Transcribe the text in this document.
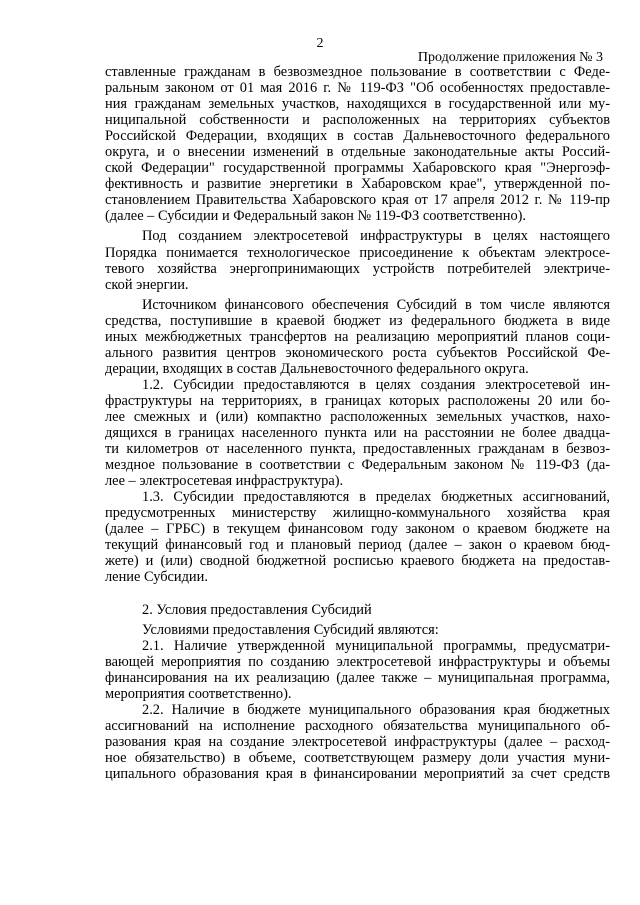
2
Продолжение приложения № 3
ставленные гражданам в безвозмездное пользование в соответствии с Феде-
ральным законом от 01 мая 2016 г. № 119-ФЗ "Об особенностях предоставле-
ния гражданам земельных участков, находящихся в государственной или му-
ниципальной собственности и расположенных на территориях субъектов
Российской Федерации, входящих в состав Дальневосточного федерального
округа, и о внесении изменений в отдельные законодательные акты Россий-
ской Федерации" государственной программы Хабаровского края "Энергоэф-
фективность и развитие энергетики в Хабаровском крае", утвержденной по-
становлением Правительства Хабаровского края от 17 апреля 2012 г. № 119-пр
(далее – Субсидии и Федеральный закон № 119-ФЗ соответственно).
Под созданием электросетевой инфраструктуры в целях настоящего
Порядка понимается технологическое присоединение к объектам электросе-
тевого хозяйства энергопринимающих устройств потребителей электриче-
ской энергии.
Источником финансового обеспечения Субсидий в том числе являются
средства, поступившие в краевой бюджет из федерального бюджета в виде
иных межбюджетных трансфертов на реализацию мероприятий планов соци-
ального развития центров экономического роста субъектов Российской Фе-
дерации, входящих в состав Дальневосточного федерального округа.
1.2. Субсидии предоставляются в целях создания электросетевой ин-
фраструктуры на территориях, в границах которых расположены 20 или бо-
лее смежных и (или) компактно расположенных земельных участков, нахо-
дящихся в границах населенного пункта или на расстоянии не более двадца-
ти километров от населенного пункта, предоставленных гражданам в безвоз-
мездное пользование в соответствии с Федеральным законом № 119-ФЗ (да-
лее – электросетевая инфраструктура).
1.3. Субсидии предоставляются в пределах бюджетных ассигнований,
предусмотренных министерству жилищно-коммунального хозяйства края
(далее – ГРБС) в текущем финансовом году законом о краевом бюджете на
текущий финансовый год и плановый период (далее – закон о краевом бюд-
жете) и (или) сводной бюджетной росписью краевого бюджета на предостав-
ление Субсидии.
2. Условия предоставления Субсидий
Условиями предоставления Субсидий являются:
2.1. Наличие утвержденной муниципальной программы, предусматри-
вающей мероприятия по созданию электросетевой инфраструктуры и объемы
финансирования на их реализацию (далее также – муниципальная программа,
мероприятия соответственно).
2.2. Наличие в бюджете муниципального образования края бюджетных
ассигнований на исполнение расходного обязательства муниципального об-
разования края на создание электросетевой инфраструктуры (далее – расход-
ное обязательство) в объеме, соответствующем размеру доли участия муни-
ципального образования края в финансировании мероприятий за счет средств
